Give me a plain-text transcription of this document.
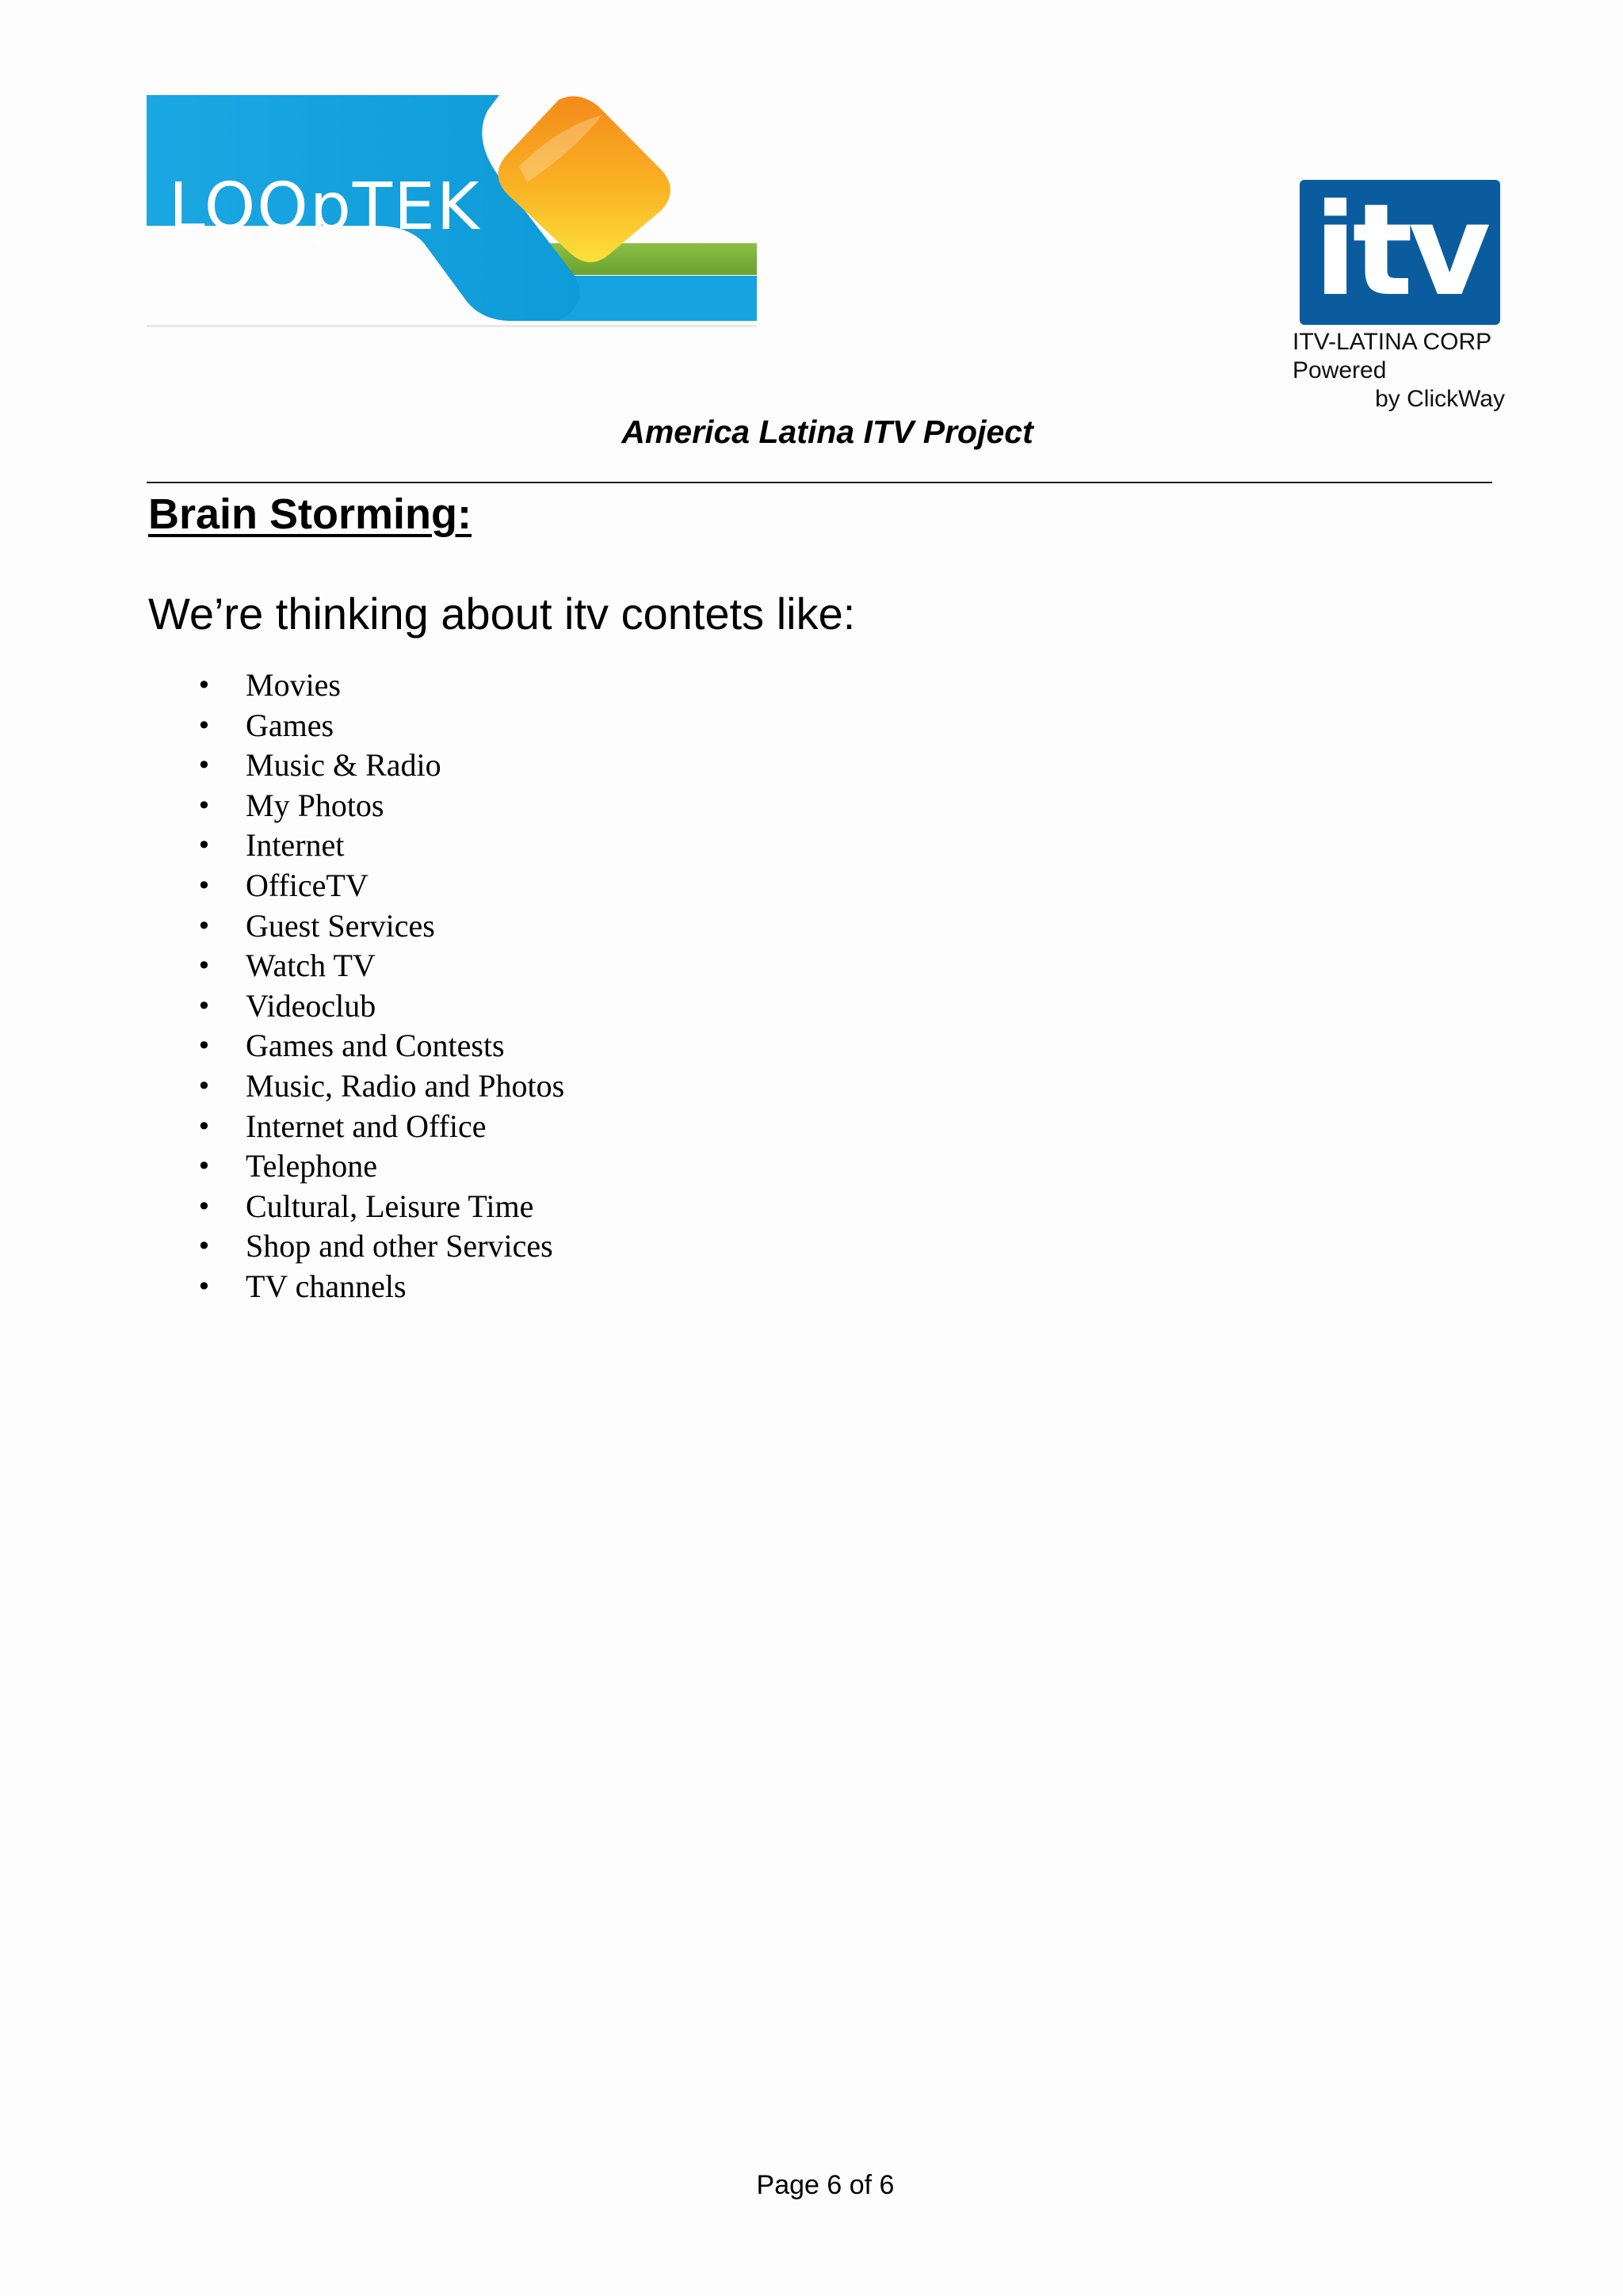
LOOpTEK	itv
ITV-LATINA CORP
Powered
by ClickWay
America Latina ITV Project
Brain Storming:
We’re thinking about itv contets like:
• Movies
• Games
• Music & Radio
• My Photos
• Internet
• OfficeTV
• Guest Services
• Watch TV
• Videoclub
• Games and Contests
• Music, Radio and Photos
• Internet and Office
• Telephone
• Cultural, Leisure Time
• Shop and other Services
• TV channels
Page 6 of 6
